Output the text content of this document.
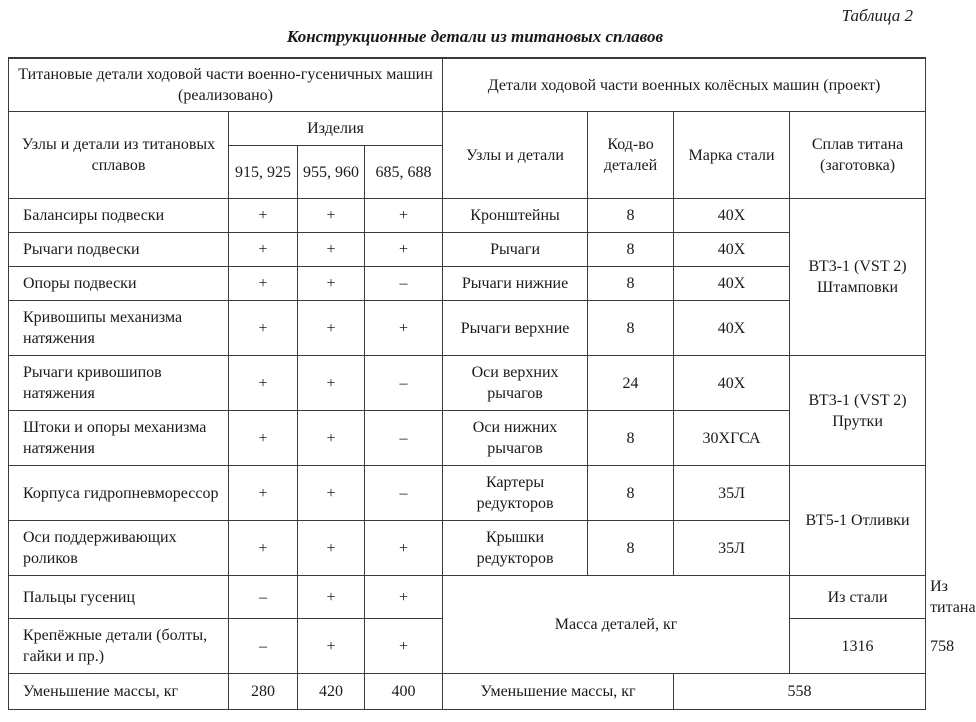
Таблица 2
Конструкционные детали из титановых сплавов
Титановые детали ходовой части военно-гусеничных машин (реализовано)				Детали ходовой части военных колёсных машин (проект)				
Узлы и детали из титановых сплавов	Изделия			Узлы и детали	Код-во деталей	Марка стали	Сплав титана (заготовка)	
	915, 925	955, 960	685, 688					
Балансиры подвески	+	+	+	Кронштейны	8	40Х	ВТ3-1 (VST 2) Штамповки	
Рычаги подвески	+	+	+	Рычаги	8	40Х		
Опоры подвески	+	+	–	Рычаги нижние	8	40Х		
Кривошипы механизма натяжения	+	+	+	Рычаги верхние	8	40Х		
Рычаги кривошипов натяжения	+	+	–	Оси верхних рычагов	24	40Х	ВТ3-1 (VST 2) Прутки	
Штоки и опоры механизма натяжения	+	+	–	Оси нижних рычагов	8	30ХГСА		
Корпуса гидропневморессор	+	+	–	Картеры редукторов	8	35Л	ВТ5-1 Отливки	
Оси поддерживающих роликов	+	+	+	Крышки редукторов	8	35Л		
Пальцы гусениц	–	+	+	Масса деталей, кг			Из стали	Из титана
Крепёжные детали (болты, гайки и пр.)	–	+	+				1316	758
Уменьшение массы, кг	280	420	400	Уменьшение массы, кг		558		
